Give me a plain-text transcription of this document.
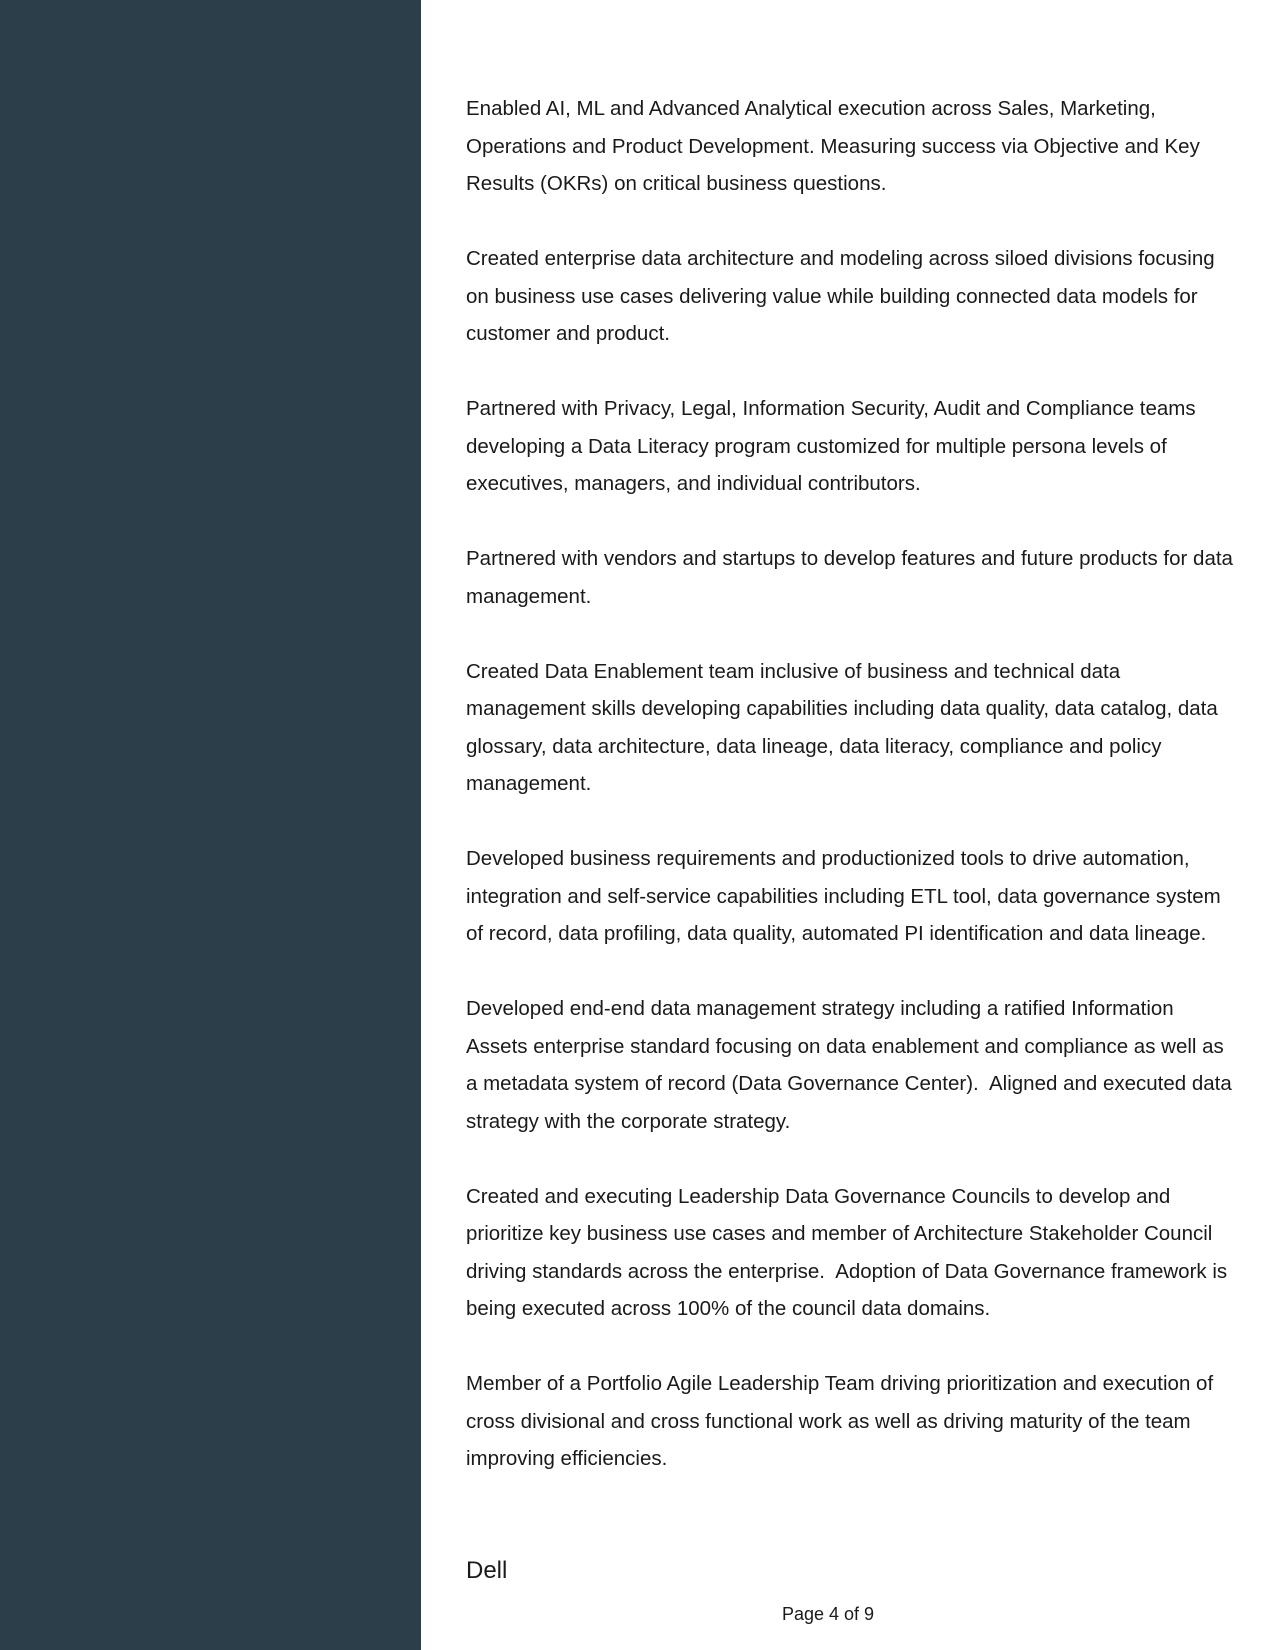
Enabled AI, ML and Advanced Analytical execution across Sales, Marketing, Operations and Product Development. Measuring success via Objective and Key Results (OKRs) on critical business questions.

Created enterprise data architecture and modeling across siloed divisions focusing on business use cases delivering value while building connected data models for customer and product.

Partnered with Privacy, Legal, Information Security, Audit and Compliance teams developing a Data Literacy program customized for multiple persona levels of executives, managers, and individual contributors.

Partnered with vendors and startups to develop features and future products for data management.

Created Data Enablement team inclusive of business and technical data management skills developing capabilities including data quality, data catalog, data glossary, data architecture, data lineage, data literacy, compliance and policy management.

Developed business requirements and productionized tools to drive automation, integration and self-service capabilities including ETL tool, data governance system of record, data profiling, data quality, automated PI identification and data lineage.

Developed end-end data management strategy including a ratified Information Assets enterprise standard focusing on data enablement and compliance as well as a metadata system of record (Data Governance Center).  Aligned and executed data strategy with the corporate strategy.

Created and executing Leadership Data Governance Councils to develop and prioritize key business use cases and member of Architecture Stakeholder Council driving standards across the enterprise.  Adoption of Data Governance framework is being executed across 100% of the council data domains.

Member of a Portfolio Agile Leadership Team driving prioritization and execution of cross divisional and cross functional work as well as driving maturity of the team improving efficiencies.

Dell

Page 4 of 9
